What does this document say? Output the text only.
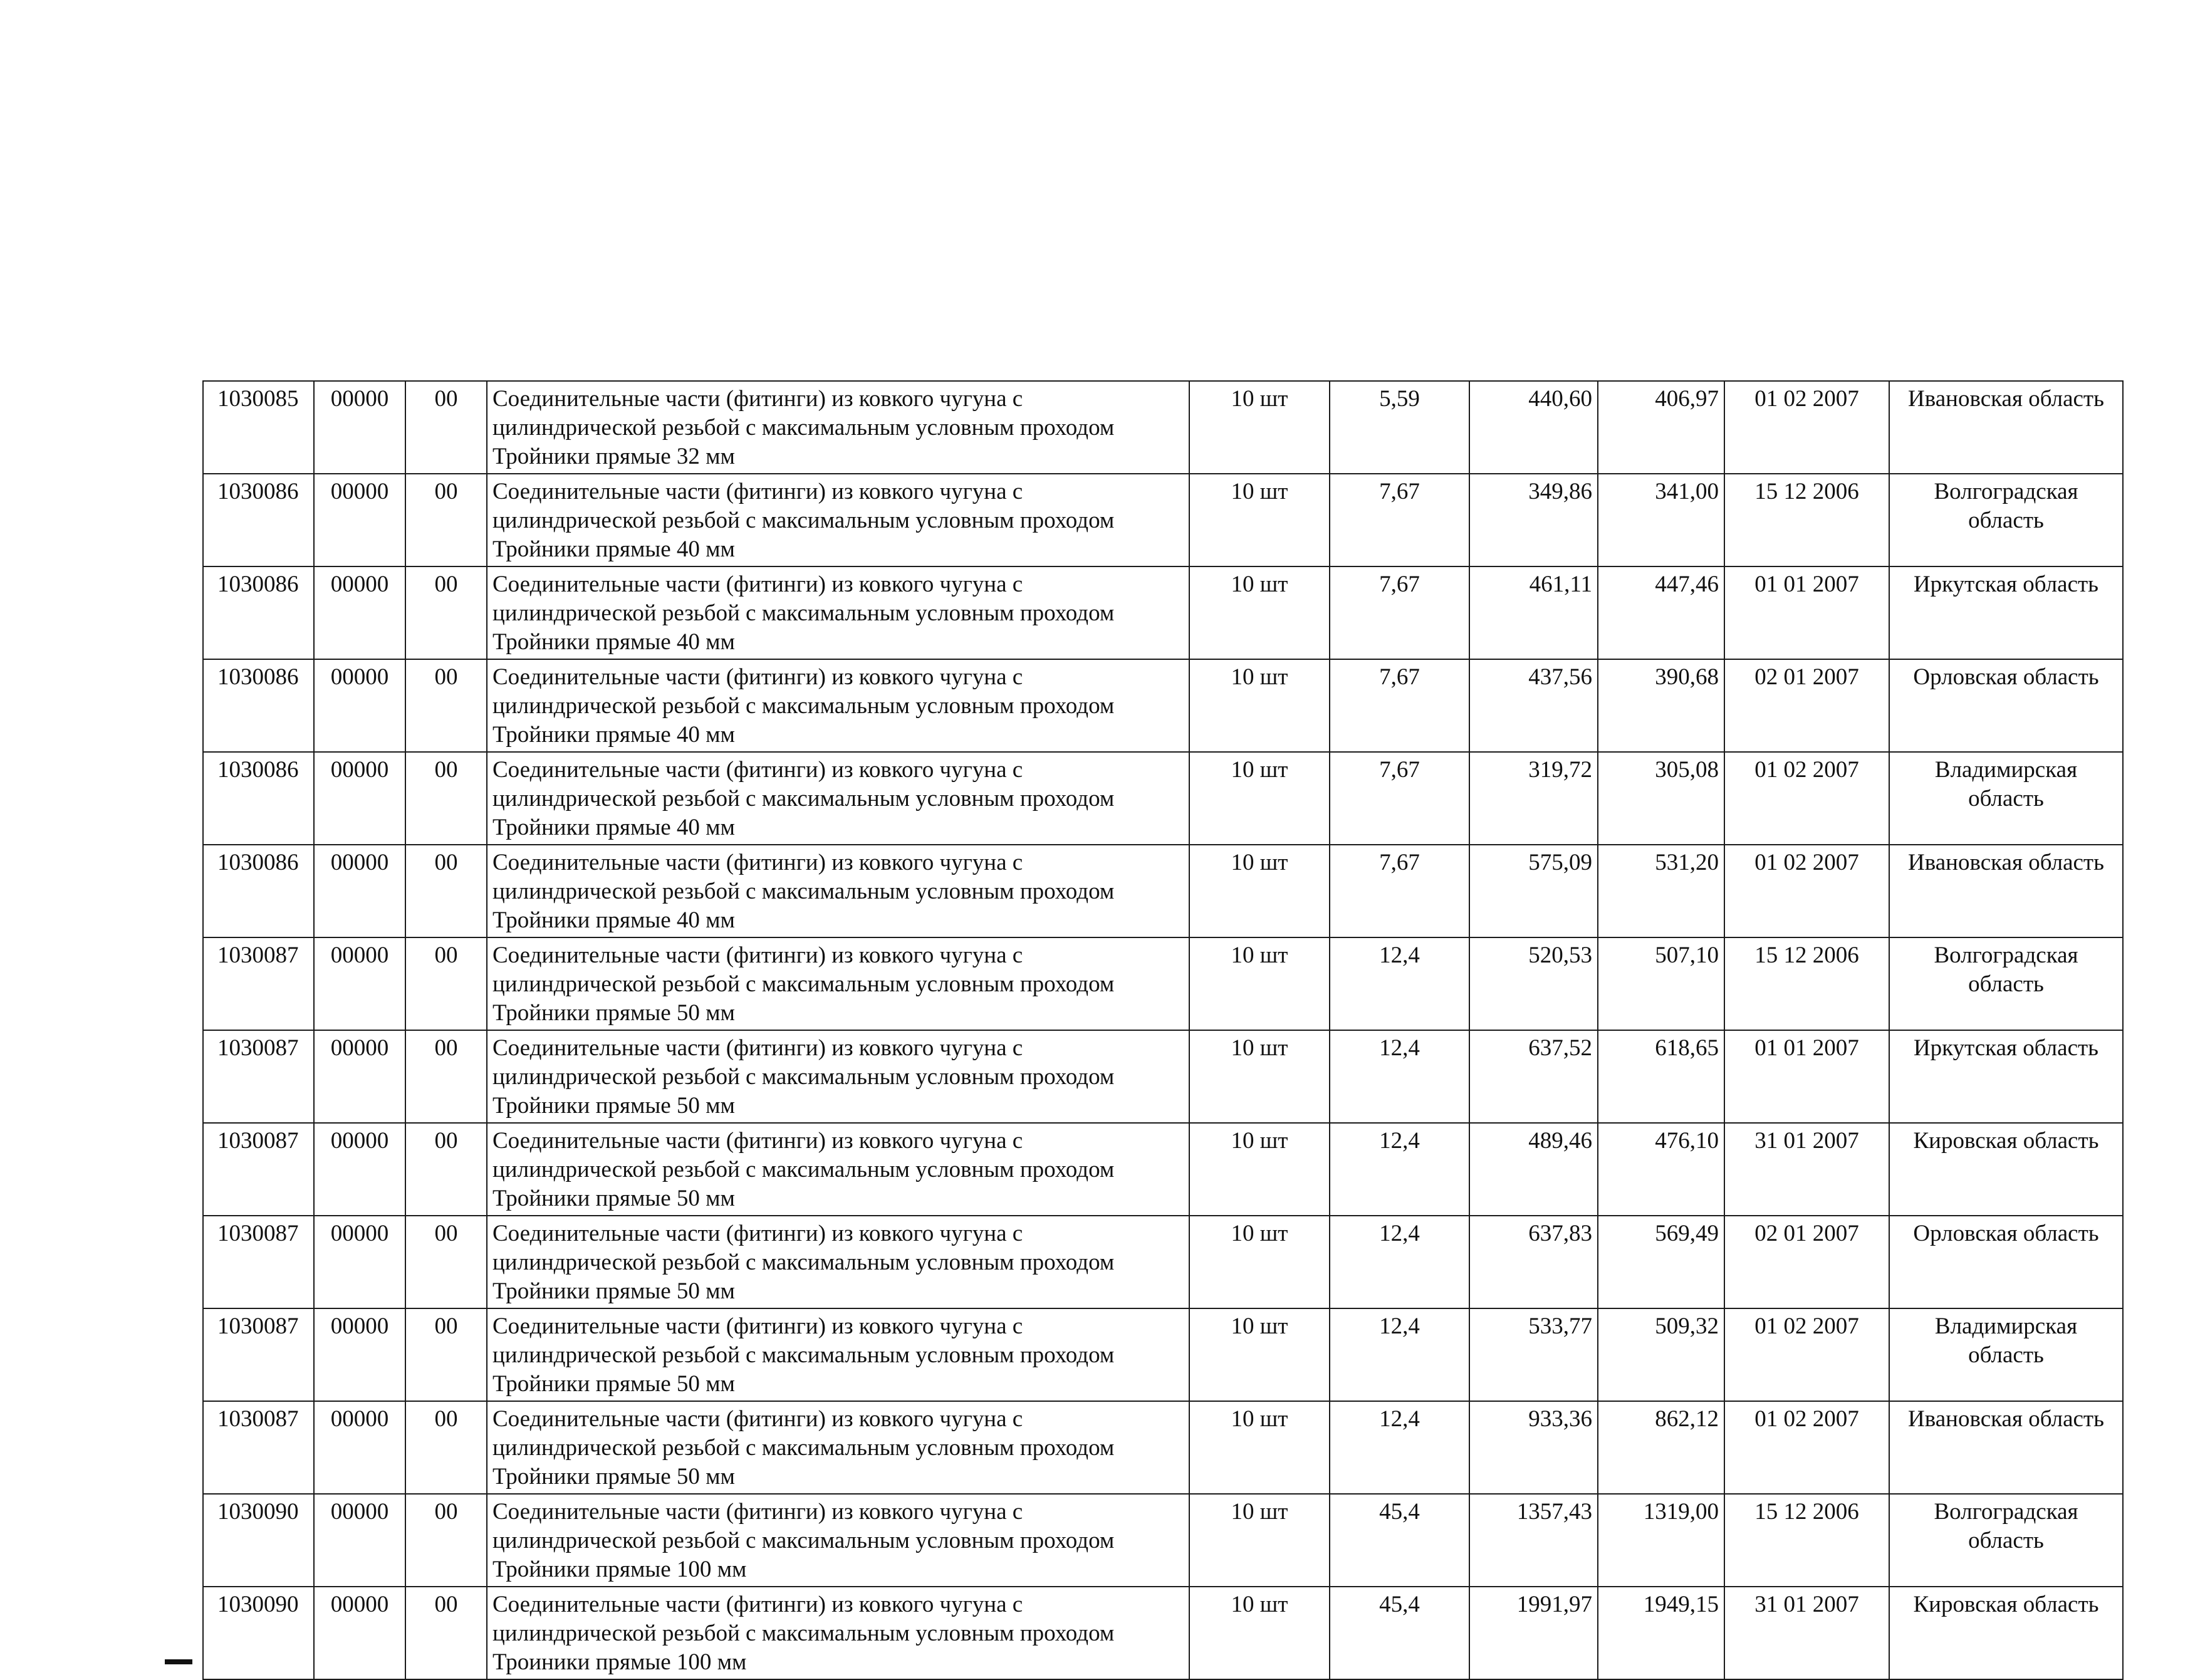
1030085	00000	00	Соединительные части (фитинги) из ковкого чугуна с цилиндрической резьбой с максимальным условным проходом Тройники прямые 32 мм	10 шт	5,59	440,60	406,97	01 02 2007	Ивановская область
1030086	00000	00	Соединительные части (фитинги) из ковкого чугуна с цилиндрической резьбой с максимальным условным проходом Тройники прямые 40 мм	10 шт	7,67	349,86	341,00	15 12 2006	Волгоградская область
1030086	00000	00	Соединительные части (фитинги) из ковкого чугуна с цилиндрической резьбой с максимальным условным проходом Тройники прямые 40 мм	10 шт	7,67	461,11	447,46	01 01 2007	Иркутская область
1030086	00000	00	Соединительные части (фитинги) из ковкого чугуна с цилиндрической резьбой с максимальным условным проходом Тройники прямые 40 мм	10 шт	7,67	437,56	390,68	02 01 2007	Орловская область
1030086	00000	00	Соединительные части (фитинги) из ковкого чугуна с цилиндрической резьбой с максимальным условным проходом Тройники прямые 40 мм	10 шт	7,67	319,72	305,08	01 02 2007	Владимирская область
1030086	00000	00	Соединительные части (фитинги) из ковкого чугуна с цилиндрической резьбой с максимальным условным проходом Тройники прямые 40 мм	10 шт	7,67	575,09	531,20	01 02 2007	Ивановская область
1030087	00000	00	Соединительные части (фитинги) из ковкого чугуна с цилиндрической резьбой с максимальным условным проходом Тройники прямые 50 мм	10 шт	12,4	520,53	507,10	15 12 2006	Волгоградская область
1030087	00000	00	Соединительные части (фитинги) из ковкого чугуна с цилиндрической резьбой с максимальным условным проходом Тройники прямые 50 мм	10 шт	12,4	637,52	618,65	01 01 2007	Иркутская область
1030087	00000	00	Соединительные части (фитинги) из ковкого чугуна с цилиндрической резьбой с максимальным условным проходом Тройники прямые 50 мм	10 шт	12,4	489,46	476,10	31 01 2007	Кировская область
1030087	00000	00	Соединительные части (фитинги) из ковкого чугуна с цилиндрической резьбой с максимальным условным проходом Тройники прямые 50 мм	10 шт	12,4	637,83	569,49	02 01 2007	Орловская область
1030087	00000	00	Соединительные части (фитинги) из ковкого чугуна с цилиндрической резьбой с максимальным условным проходом Тройники прямые 50 мм	10 шт	12,4	533,77	509,32	01 02 2007	Владимирская область
1030087	00000	00	Соединительные части (фитинги) из ковкого чугуна с цилиндрической резьбой с максимальным условным проходом Тройники прямые 50 мм	10 шт	12,4	933,36	862,12	01 02 2007	Ивановская область
1030090	00000	00	Соединительные части (фитинги) из ковкого чугуна с цилиндрической резьбой с максимальным условным проходом Тройники прямые 100 мм	10 шт	45,4	1357,43	1319,00	15 12 2006	Волгоградская область
1030090	00000	00	Соединительные части (фитинги) из ковкого чугуна с цилиндрической резьбой с максимальным условным проходом Троиники прямые 100 мм	10 шт	45,4	1991,97	1949,15	31 01 2007	Кировская область
